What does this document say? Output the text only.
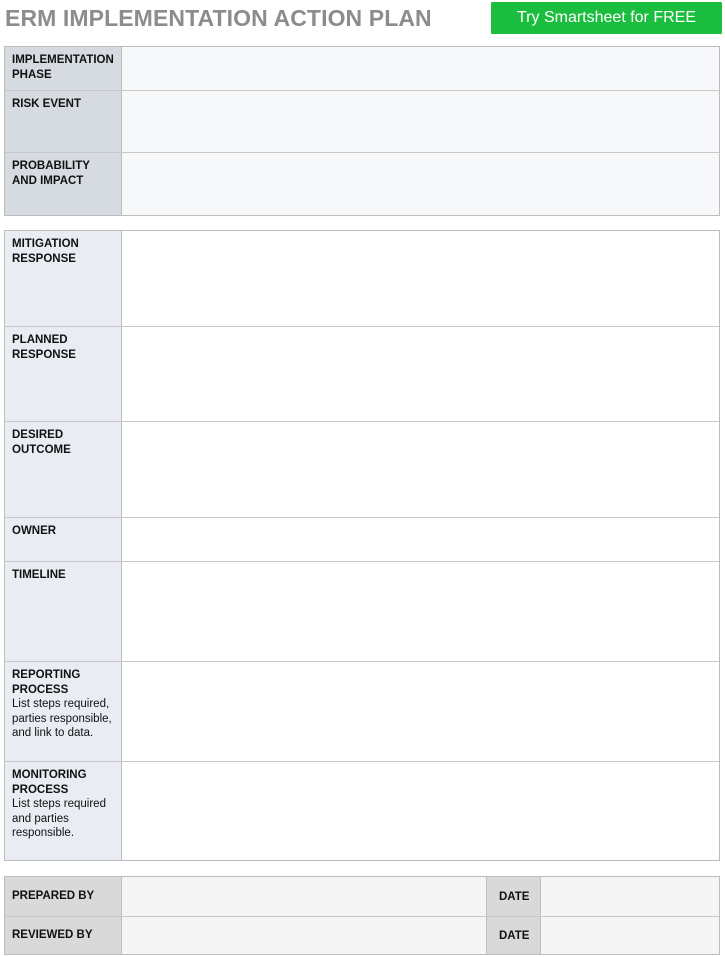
ERM IMPLEMENTATION ACTION PLAN	Try Smartsheet for FREE
IMPLEMENTATION PHASE
RISK EVENT
PROBABILITY AND IMPACT
MITIGATION RESPONSE
PLANNED RESPONSE
DESIRED OUTCOME
OWNER
TIMELINE
REPORTING PROCESS
List steps required, parties responsible, and link to data.
MONITORING PROCESS
List steps required and parties responsible.
PREPARED BY	DATE
REVIEWED BY	DATE
